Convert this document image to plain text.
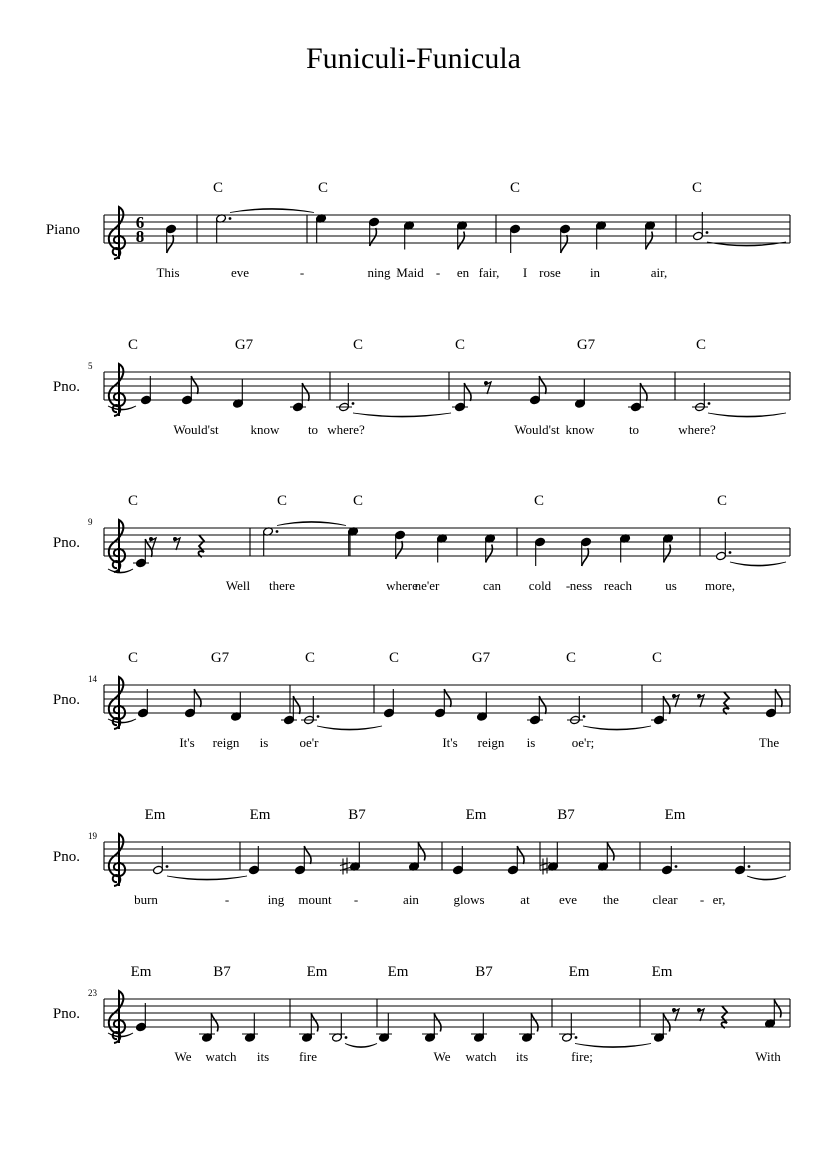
Funiculi-Funicula
Piano	6
8
C	C	C	C
This	eve	-	ning Maid - en fair, I rose in	air,
Pno.
5
C	G7	C	C	G7	C
Would'st know to where?	Would'st know	to	where?
Pno.
9
C	C	C	C	C
Well there	where
ne'er	can cold - ness reach	us more,
Pno.
14
C	G7	C	C	G7	C	C
It's reign is oe'r	It's reign is	oe'r;	The
Pno.
19
Em	Em	B7	Em	B7	Em
burn	-	ing mount -	ain	glows	at eve the	clear - er,
Pno.
23
Em	B7	Em	Em	B7	Em	Em
We watch its fire	We watch its	fire;	With
